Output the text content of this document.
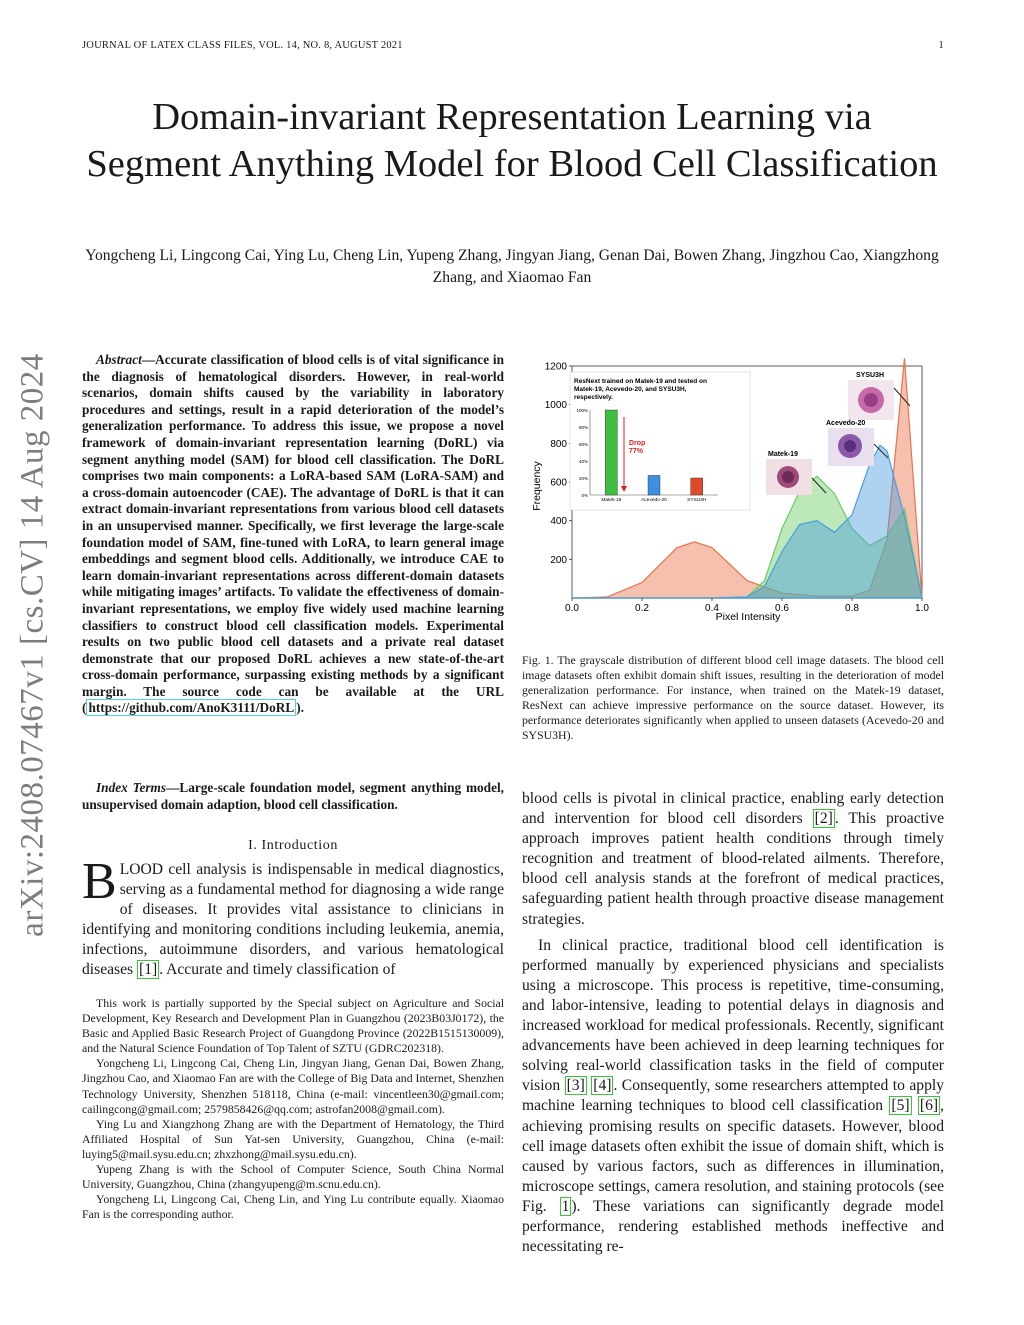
JOURNAL OF LATEX CLASS FILES, VOL. 14, NO. 8, AUGUST 2021	1
Domain-invariant Representation Learning via Segment Anything Model for Blood Cell Classification
Yongcheng Li, Lingcong Cai, Ying Lu, Cheng Lin, Yupeng Zhang, Jingyan Jiang, Genan Dai, Bowen Zhang, Jingzhou Cao, Xiangzhong Zhang, and Xiaomao Fan
arXiv:2408.07467v1 [cs.CV] 14 Aug 2024	Abstract—Accurate classification of blood cells is of vital significance in the diagnosis of hematological disorders. However, in real-world scenarios, domain shifts caused by the variability in laboratory procedures and settings, result in a rapid deterioration of the model’s generalization performance. To address this issue, we propose a novel framework of domain-invariant representation learning (DoRL) via segment anything model (SAM) for blood cell classification. The DoRL comprises two main components: a LoRA-based SAM (LoRA-SAM) and a cross-domain autoencoder (CAE). The advantage of DoRL is that it can extract domain-invariant representations from various blood cell datasets in an unsupervised manner. Specifically, we first leverage the large-scale foundation model of SAM, fine-tuned with LoRA, to learn general image embeddings and segment blood cells. Additionally, we introduce CAE to learn domain-invariant representations across different-domain datasets while mitigating images’ artifacts. To validate the effectiveness of domain-invariant representations, we employ five widely used machine learning classifiers to construct blood cell classification models. Experimental results on two public blood cell datasets and a private real dataset demonstrate that our proposed DoRL achieves a new state-of-the-art cross-domain performance, surpassing existing methods by a significant margin. The source code can be available at the URL ( https://github.com/AnoK3111/DoRL ).
Index Terms—Large-scale foundation model, segment anything model, unsupervised domain adaption, blood cell classification.
I. Introduction
BLOOD cell analysis is indispensable in medical diagnostics, serving as a fundamental method for diagnosing a wide range of diseases. It provides vital assistance to clinicians in identifying and monitoring conditions including leukemia, anemia, infections, autoimmune disorders, and various hematological diseases [1] . Accurate and timely classification of

This work is partially supported by the Special subject on Agriculture and Social Development, Key Research and Development Plan in Guangzhou (2023B03J0172), the Basic and Applied Basic Research Project of Guangdong Province (2022B1515130009), and the Natural Science Foundation of Top Talent of SZTU (GDRC202318).

Yongcheng Li, Lingcong Cai, Cheng Lin, Jingyan Jiang, Genan Dai, Bowen Zhang, Jingzhou Cao, and Xiaomao Fan are with the College of Big Data and Internet, Shenzhen Technology University, Shenzhen 518118, China (e-mail: vincentleen30@gmail.com; cailingcong@gmail.com; 2579858426@qq.com; astrofan2008@gmail.com).

Ying Lu and Xiangzhong Zhang are with the Department of Hematology, the Third Affiliated Hospital of Sun Yat-sen University, Guangzhou, China (e-mail: luying5@mail.sysu.edu.cn; zhxzhong@mail.sysu.edu.cn).

Yupeng Zhang is with the School of Computer Science, South China Normal University, Guangzhou, China (zhangyupeng@m.scnu.edu.cn).

Yongcheng Li, Lingcong Cai, Cheng Lin, and Ying Lu contribute equally. Xiaomao Fan is the corresponding author.

0.0	0.2	0.4	0.6	0.8	1.0
200
400
600
800
1000
1200
Pixel Intensity
Frequency
ResNext trained on Matek-19 and tested on
Matek-19, Acevedo-20, and SYSU3H,
respectively.
0%
20%
40%
60%
80%
100%
Matek-19	Acevedo-20	SYSU3H
Drop
77%
SYSU3H
Acevedo-20
Matek-19
Fig. 1. The grayscale distribution of different blood cell image datasets. The blood cell image datasets often exhibit domain shift issues, resulting in the deterioration of model generalization performance. For instance, when trained on the Matek-19 dataset, ResNext can achieve impressive performance on the source dataset. However, its performance deteriorates significantly when applied to unseen datasets (Acevedo-20 and SYSU3H).

blood cells is pivotal in clinical practice, enabling early detection and intervention for blood cell disorders [2] . This proactive approach improves patient health conditions through timely recognition and treatment of blood-related ailments. Therefore, blood cell analysis stands at the forefront of medical practices, safeguarding patient health through proactive disease management strategies.

In clinical practice, traditional blood cell identification is performed manually by experienced physicians and specialists using a microscope. This process is repetitive, time-consuming, and labor-intensive, leading to potential delays in diagnosis and increased workload for medical professionals. Recently, significant advancements have been achieved in deep learning techniques for solving real-world classification tasks in the field of computer vision [3] [4] . Consequently, some researchers attempted to apply machine learning techniques to blood cell classification [5] [6] , achieving promising results on specific datasets. However, blood cell image datasets often exhibit the issue of domain shift, which is caused by various factors, such as differences in illumination, microscope settings, camera resolution, and staining protocols (see Fig. 1 ). These variations can significantly degrade model performance, rendering established methods ineffective and necessitating re-
